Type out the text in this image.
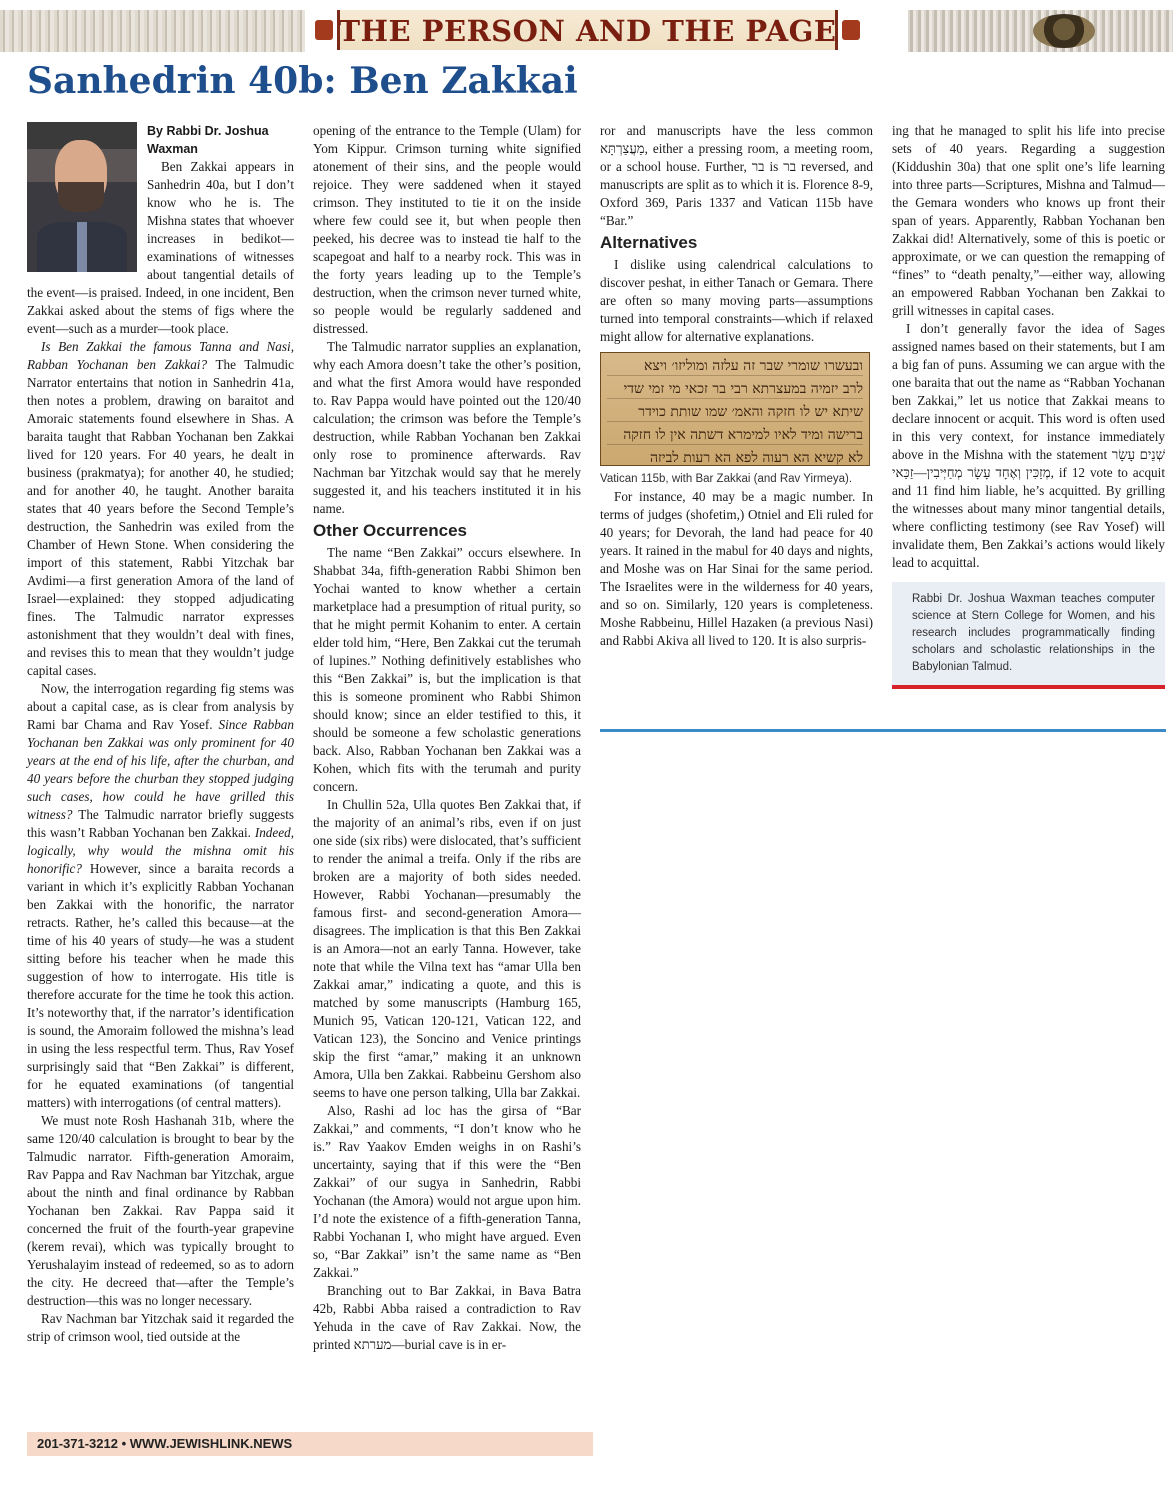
THE PERSON AND THE PAGE
Sanhedrin 40b: Ben Zakkai

By Rabbi Dr. Joshua Waxman

Ben Zakkai appears in Sanhedrin 40a, but I don’t know who he is. The Mishna states that whoever increases in bedikot—examinations of witnesses about tangential details of the event—is praised. Indeed, in one incident, Ben Zakkai asked about the stems of figs where the event—such as a murder—took place.

Is Ben Zakkai the famous Tanna and Nasi, Rabban Yochanan ben Zakkai? The Talmudic Narrator entertains that notion in Sanhedrin 41a, then notes a problem, drawing on baraitot and Amoraic statements found elsewhere in Shas. A baraita taught that Rabban Yochanan ben Zakkai lived for 120 years. For 40 years, he dealt in business (prakmatya); for another 40, he studied; and for another 40, he taught. Another baraita states that 40 years before the Second Temple’s destruction, the Sanhedrin was exiled from the Chamber of Hewn Stone. When considering the import of this statement, Rabbi Yitzchak bar Avdimi—a first generation Amora of the land of Israel—explained: they stopped adjudicating fines. The Talmudic narrator expresses astonishment that they wouldn’t deal with fines, and revises this to mean that they wouldn’t judge capital cases.

Now, the interrogation regarding fig stems was about a capital case, as is clear from analysis by Rami bar Chama and Rav Yosef. Since Rabban Yochanan ben Zakkai was only prominent for 40 years at the end of his life, after the churban, and 40 years before the churban they stopped judging such cases, how could he have grilled this witness? The Talmudic narrator briefly suggests this wasn’t Rabban Yochanan ben Zakkai. Indeed, logically, why would the mishna omit his honorific? However, since a baraita records a variant in which it’s explicitly Rabban Yochanan ben Zakkai with the honorific, the narrator retracts. Rather, he’s called this because—at the time of his 40 years of study—he was a student sitting before his teacher when he made this suggestion of how to interrogate. His title is therefore accurate for the time he took this action. It’s noteworthy that, if the narrator’s identification is sound, the Amoraim followed the mishna’s lead in using the less respectful term. Thus, Rav Yosef surprisingly said that “Ben Zakkai” is different, for he equated examinations (of tangential matters) with interrogations (of central matters).

We must note Rosh Hashanah 31b, where the same 120/40 calculation is brought to bear by the Talmudic narrator. Fifth-generation Amoraim, Rav Pappa and Rav Nachman bar Yitzchak, argue about the ninth and final ordinance by Rabban Yochanan ben Zakkai. Rav Pappa said it concerned the fruit of the fourth-year grapevine (kerem revai), which was typically brought to Yerushalayim instead of redeemed, so as to adorn the city. He decreed that—after the Temple’s destruction—this was no longer necessary.

Rav Nachman bar Yitzchak said it regarded the strip of crimson wool, tied outside at the

opening of the entrance to the Temple (Ulam) for Yom Kippur. Crimson turning white signified atonement of their sins, and the people would rejoice. They were saddened when it stayed crimson. They instituted to tie it on the inside where few could see it, but when people then peeked, his decree was to instead tie half to the scapegoat and half to a nearby rock. This was in the forty years leading up to the Temple’s destruction, when the crimson never turned white, so people would be regularly saddened and distressed.

The Talmudic narrator supplies an explanation, why each Amora doesn’t take the other’s position, and what the first Amora would have responded to. Rav Pappa would have pointed out the 120/40 calculation; the crimson was before the Temple’s destruction, while Rabban Yochanan ben Zakkai only rose to prominence afterwards. Rav Nachman bar Yitzchak would say that he merely suggested it, and his teachers instituted it in his name.

Other Occurrences

The name “Ben Zakkai” occurs elsewhere. In Shabbat 34a, fifth-generation Rabbi Shimon ben Yochai wanted to know whether a certain marketplace had a presumption of ritual purity, so that he might permit Kohanim to enter. A certain elder told him, “Here, Ben Zakkai cut the terumah of lupines.” Nothing definitively establishes who this “Ben Zakkai” is, but the implication is that this is someone prominent who Rabbi Shimon should know; since an elder testified to this, it should be someone a few scholastic generations back. Also, Rabban Yochanan ben Zakkai was a Kohen, which fits with the terumah and purity concern.

In Chullin 52a, Ulla quotes Ben Zakkai that, if the majority of an animal’s ribs, even if on just one side (six ribs) were dislocated, that’s sufficient to render the animal a treifa. Only if the ribs are broken are a majority of both sides needed. However, Rabbi Yochanan—presumably the famous first- and second-generation Amora—disagrees. The implication is that this Ben Zakkai is an Amora—not an early Tanna. However, take note that while the Vilna text has “amar Ulla ben Zakkai amar,” indicating a quote, and this is matched by some manuscripts (Hamburg 165, Munich 95, Vatican 120-121, Vatican 122, and Vatican 123), the Soncino and Venice printings skip the first “amar,” making it an unknown Amora, Ulla ben Zakkai. Rabbeinu Gershom also seems to have one person talking, Ulla bar Zakkai.

Also, Rashi ad loc has the girsa of “Bar Zakkai,” and comments, “I don’t know who he is.” Rav Yaakov Emden weighs in on Rashi’s uncertainty, saying that if this were the “Ben Zakkai” of our sugya in Sanhedrin, Rabbi Yochanan (the Amora) would not argue upon him. I’d note the existence of a fifth-generation Tanna, Rabbi Yochanan I, who might have argued. Even so, “Bar Zakkai” isn’t the same name as “Ben Zakkai.”

Branching out to Bar Zakkai, in Bava Batra 42b, Rabbi Abba raised a contradiction to Rav Yehuda in the cave of Rav Zakkai. Now, the printed מערתא—burial cave is in er-

ror and manuscripts have the less common מַעֲצַרְתָּא, either a pressing room, a meeting room, or a school house. Further, בר is בר reversed, and manuscripts are split as to which it is. Florence 8-9, Oxford 369, Paris 1337 and Vatican 115b have “Bar.”

Alternatives

I dislike using calendrical calculations to discover peshat, in either Tanach or Gemara. There are often so many moving parts—assumptions turned into temporal constraints—which if relaxed might allow for alternative explanations.

ובעשרו שומרי שבר זה עלזה ומוליזו׳ ויצא
לרב יזמיה במעצרתא רבי בר זכאי מי זמי שדי
שיתא יש לו חזקה והאמ׳ שמו שותת כוידר
ברישה ומיד לאיו למימרא דשתה אין לו חזקה
לא קשיא הא רעוה לפא הא רעות לביזה

Vatican 115b, with Bar Zakkai (and Rav Yirmeya).

For instance, 40 may be a magic number. In terms of judges (shofetim,) Otniel and Eli ruled for 40 years; for Devorah, the land had peace for 40 years. It rained in the mabul for 40 days and nights, and Moshe was on Har Sinai for the same period. The Israelites were in the wilderness for 40 years, and so on. Similarly, 120 years is completeness. Moshe Rabbeinu, Hillel Hazaken (a previous Nasi) and Rabbi Akiva all lived to 120. It is also surpris-

ing that he managed to split his life into precise sets of 40 years. Regarding a suggestion (Kiddushin 30a) that one split one’s life learning into three parts—Scriptures, Mishna and Talmud—the Gemara wonders who knows up front their span of years. Apparently, Rabban Yochanan ben Zakkai did! Alternatively, some of this is poetic or approximate, or we can question the remapping of “fines” to “death penalty,”—either way, allowing an empowered Rabban Yochanan ben Zakkai to grill witnesses in capital cases.

I don’t generally favor the idea of Sages assigned names based on their statements, but I am a big fan of puns. Assuming we can argue with the one baraita that out the name as “Rabban Yochanan ben Zakkai,” let us notice that Zakkai means to declare innocent or acquit. This word is often used in this very context, for instance immediately above in the Mishna with the statement שְׁנֵים עָשָׂר מְזַכִּין וְאֶחָד עָשָׂר מְחַיְּיבִין—זַכַּאי, if 12 vote to acquit and 11 find him liable, he’s acquitted. By grilling the witnesses about many minor tangential details, where conflicting testimony (see Rav Yosef) will invalidate them, Ben Zakkai’s actions would likely lead to acquittal.

Rabbi Dr. Joshua Waxman teaches computer science at Stern College for Women, and his research includes programmatically finding scholars and scholastic relationships in the Babylonian Talmud.
201-371-3212 • WWW.JEWISHLINK.NEWS
